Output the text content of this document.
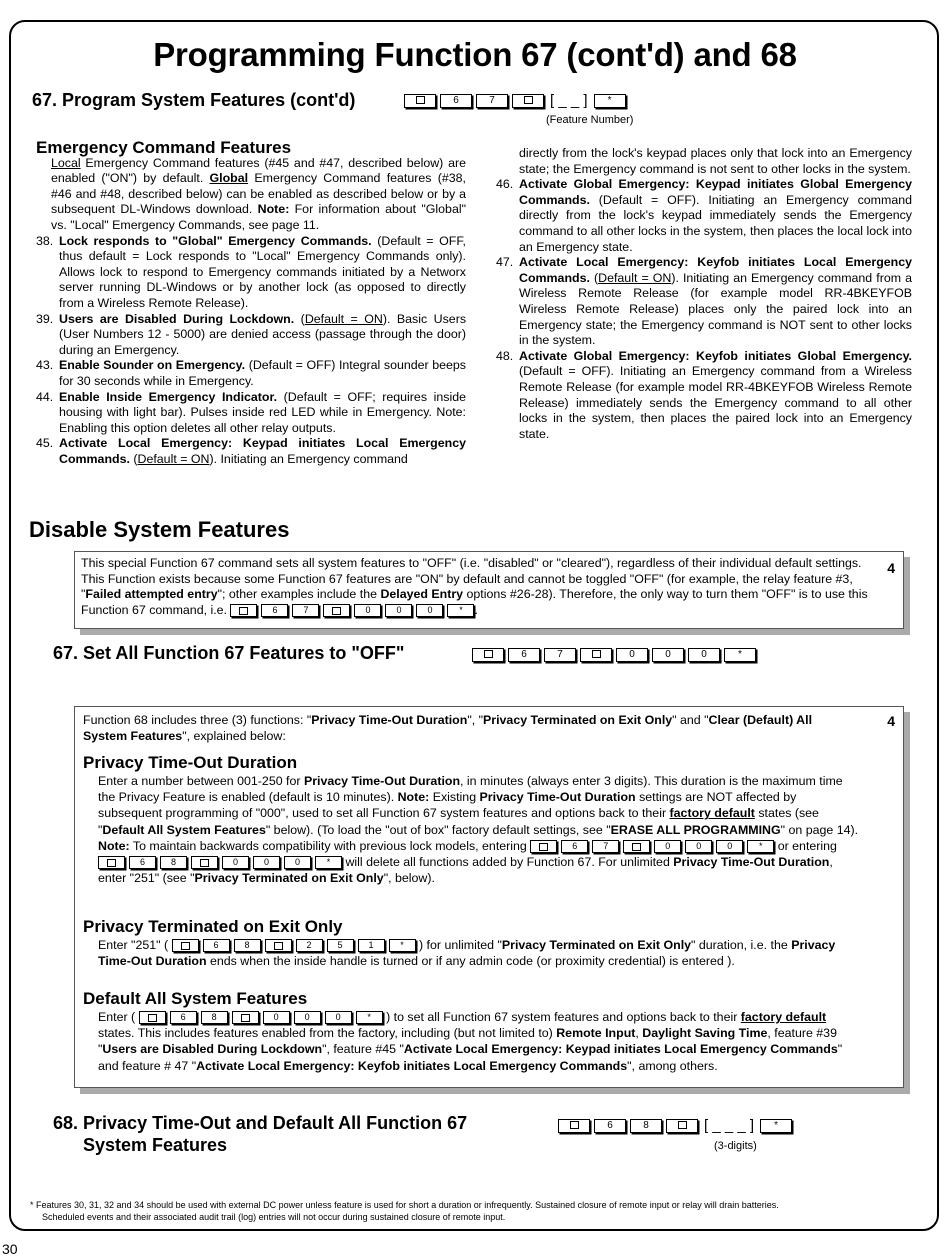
Programming Function 67 (cont'd) and 68
67. Program System Features (cont'd)	6	7	[ _ _ ]	*
(Feature Number)

Emergency Command Features

Local Emergency Command features (#45 and #47, described below) are enabled ("ON") by default. Global Emergency Command features (#38, #46 and #48, described below) can be enabled as described below or by a subsequent DL-Windows download. Note: For information about "Global" vs. "Local" Emergency Commands, see page 11.

38. Lock responds to "Global" Emergency Commands. (Default = OFF, thus default = Lock responds to "Local" Emergency Commands only). Allows lock to respond to Emergency commands initiated by a Networx server running DL-Windows or by another lock (as opposed to directly from a Wireless Remote Release).
39. Users are Disabled During Lockdown. (Default = ON). Basic Users (User Numbers 12 - 5000) are denied access (passage through the door) during an Emergency.
43. Enable Sounder on Emergency. (Default = OFF) Integral sounder beeps for 30 seconds while in Emergency.
44. Enable Inside Emergency Indicator. (Default = OFF; requires inside housing with light bar). Pulses inside red LED while in Emergency. Note: Enabling this option deletes all other relay outputs.
45. Activate Local Emergency: Keypad initiates Local Emergency Commands. (Default = ON). Initiating an Emergency command

directly from the lock's keypad places only that lock into an Emergency state; the Emergency command is not sent to other locks in the system.

46. Activate Global Emergency: Keypad initiates Global Emergency Commands. (Default = OFF). Initiating an Emergency command directly from the lock's keypad immediately sends the Emergency command to all other locks in the system, then places the local lock into an Emergency state.
47. Activate Local Emergency: Keyfob initiates Local Emergency Commands. (Default = ON). Initiating an Emergency command from a Wireless Remote Release (for example model RR-4BKEYFOB Wireless Remote Release) places only the paired lock into an Emergency state; the Emergency command is NOT sent to other locks in the system.
48. Activate Global Emergency: Keyfob initiates Global Emergency. (Default = OFF). Initiating an Emergency command from a Wireless Remote Release (for example model RR-4BKEYFOB Wireless Remote Release) immediately sends the Emergency command to all other locks in the system, then places the paired lock into an Emergency state.
Disable System Features
This special Function 67 command sets all system features to "OFF" (i.e. "disabled" or "cleared"), regardless of their individual default settings. This Function exists because some Function 67 features are "ON" by default and cannot be toggled "OFF" (for example, the relay feature #3, "Failed attempted entry"; other examples include the Delayed Entry options #26-28). Therefore, the only way to turn them "OFF" is to use this Function 67 command, i.e.	6	7	0	0	0	* .
4
67. Set All Function 67 Features to "OFF"	6	7	0	0	0	*
4
Function 68 includes three (3) functions: "Privacy Time-Out Duration", "Privacy Terminated on Exit Only" and "Clear (Default) All System Features", explained below:

Privacy Time-Out Duration

Enter a number between 001-250 for Privacy Time-Out Duration, in minutes (always enter 3 digits). This duration is the maximum time the Privacy Feature is enabled (default is 10 minutes). Note: Existing Privacy Time-Out Duration settings are NOT affected by subsequent programming of "000", used to set all Function 67 system features and options back to their factory default states (see "Default All System Features" below). (To load the "out of box" factory default settings, see "ERASE ALL PROGRAMMING" on page 14). Note: To maintain backwards compatibility with previous lock models, entering	6	7	0	0	0	* or entering
6	8	0	0	0	* will delete all functions added by Function 67. For unlimited Privacy Time-Out Duration, enter "251" (see "Privacy Terminated on Exit Only", below).

Privacy Terminated on Exit Only

Enter "251" (	6	8	2	5	1	* ) for unlimited "Privacy Terminated on Exit Only" duration, i.e. the Privacy Time-Out Duration ends when the inside handle is turned or if any admin code (or proximity credential) is entered ).

Default All System Features

Enter (	6	8	0	0	0	* ) to set all Function 67 system features and options back to their factory default states. This includes features enabled from the factory, including (but not limited to) Remote Input, Daylight Saving Time, feature #39 "Users are Disabled During Lockdown", feature #45 "Activate Local Emergency: Keypad initiates Local Emergency Commands" and feature # 47 "Activate Local Emergency: Keyfob initiates Local Emergency Commands", among others.
68. Privacy Time-Out and Default All Function 67
System Features
6	8	[ _ _ _ ]	*
(3-digits)
* Features 30, 31, 32 and 34 should be used with external DC power unless feature is used for short a duration or infrequently. Sustained closure of remote input or relay will drain batteries.
Scheduled events and their associated audit trail (log) entries will not occur during sustained closure of remote input.
30
